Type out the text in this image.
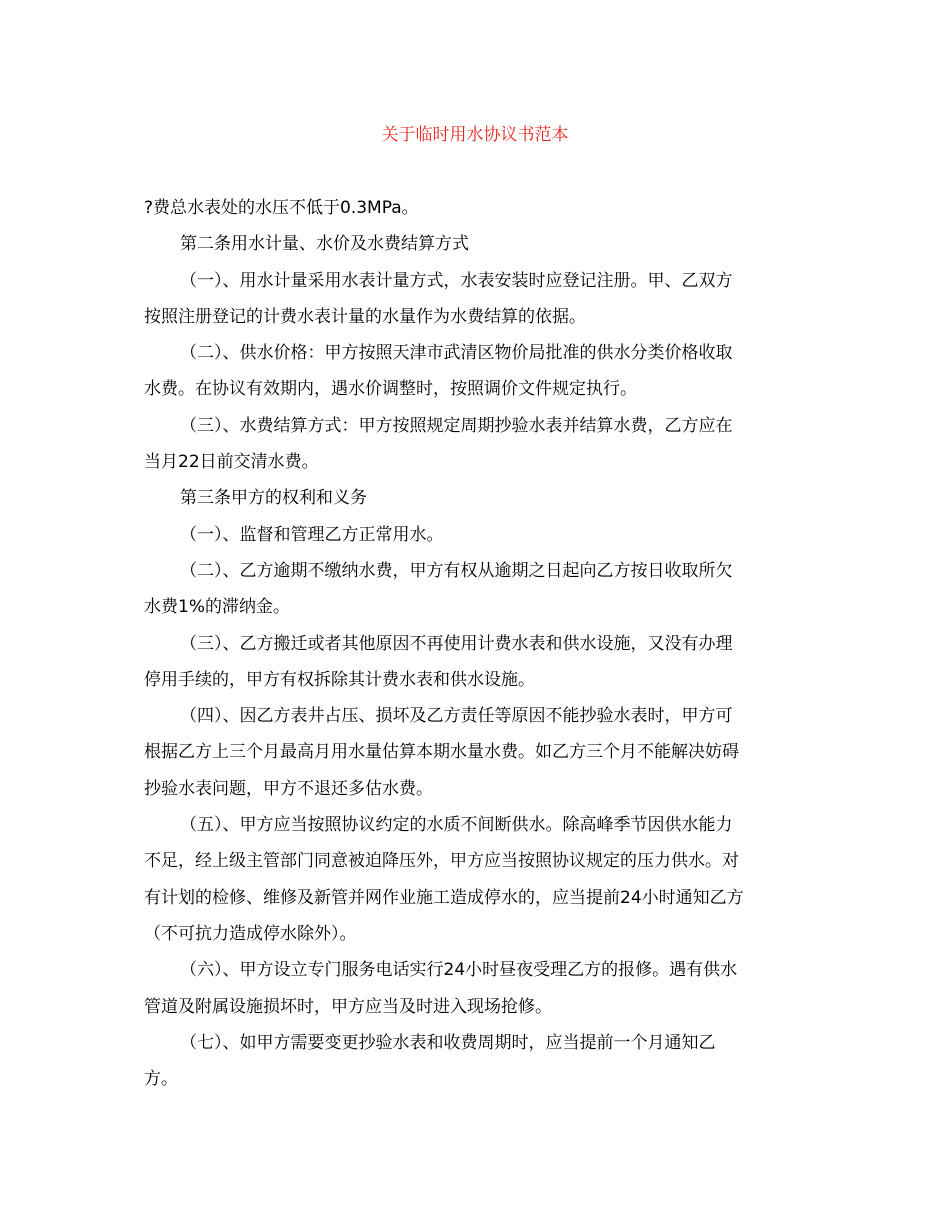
关于临时用水协议书范本
?费总水表处的水压不低于0.3MPa。
第二条用水计量、水价及水费结算方式
（一）、用水计量采用水表计量方式，水表安装时应登记注册。甲、乙双方
按照注册登记的计费水表计量的水量作为水费结算的依据。
（二）、供水价格：甲方按照天津市武清区物价局批准的供水分类价格收取
水费。在协议有效期内，遇水价调整时，按照调价文件规定执行。
（三）、水费结算方式：甲方按照规定周期抄验水表并结算水费，乙方应在
当月22日前交清水费。
第三条甲方的权利和义务
（一）、监督和管理乙方正常用水。
（二）、乙方逾期不缴纳水费，甲方有权从逾期之日起向乙方按日收取所欠
水费1%的滞纳金。
（三）、乙方搬迁或者其他原因不再使用计费水表和供水设施，又没有办理
停用手续的，甲方有权拆除其计费水表和供水设施。
（四）、因乙方表井占压、损坏及乙方责任等原因不能抄验水表时，甲方可
根据乙方上三个月最高月用水量估算本期水量水费。如乙方三个月不能解决妨碍
抄验水表问题，甲方不退还多估水费。
（五）、甲方应当按照协议约定的水质不间断供水。除高峰季节因供水能力
不足，经上级主管部门同意被迫降压外，甲方应当按照协议规定的压力供水。对
有计划的检修、维修及新管并网作业施工造成停水的，应当提前24小时通知乙方
（不可抗力造成停水除外）。
（六）、甲方设立专门服务电话实行24小时昼夜受理乙方的报修。遇有供水
管道及附属设施损坏时，甲方应当及时进入现场抢修。
（七）、如甲方需要变更抄验水表和收费周期时，应当提前一个月通知乙
方。
